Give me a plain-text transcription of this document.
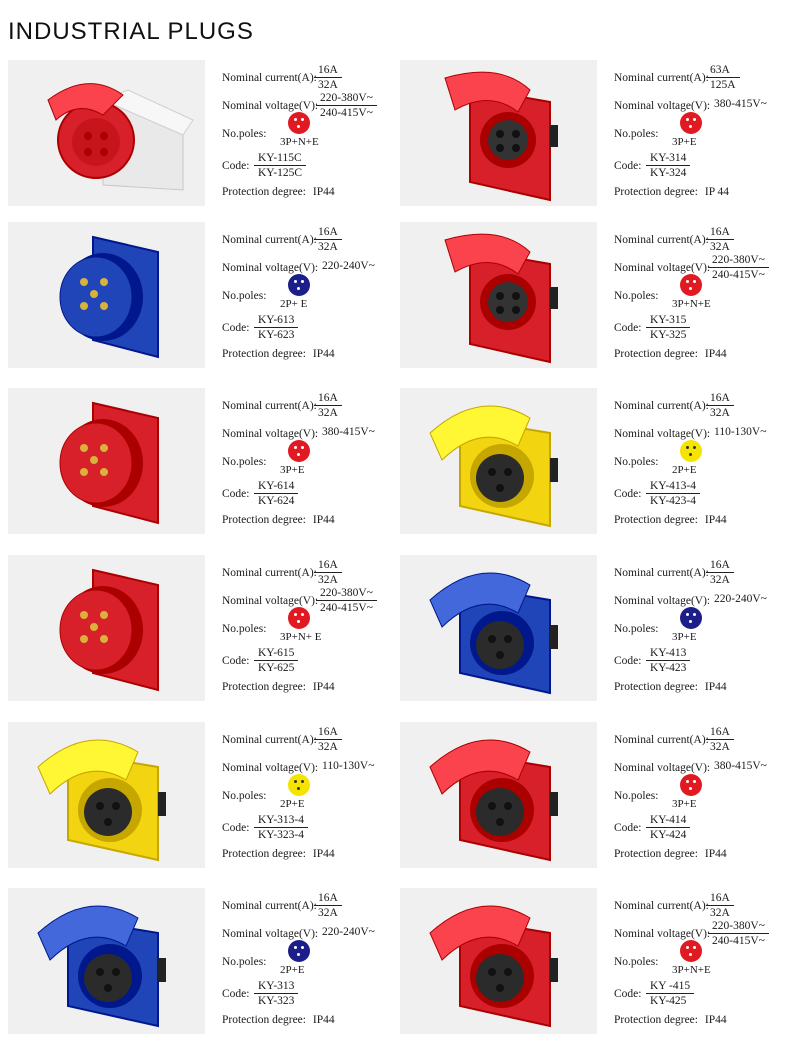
INDUSTRIAL PLUGS
Nominal current(A):
$\frac{16A}{32A}$
Nominal voltage(V):
$\frac{220-380V\sim}{240-415V\sim}$
No.poles:
3P+N+E
Code: $\frac{KY-115C}{KY-125C}$
Protection degree: IP44
Nominal current(A):
$\frac{63A}{125A}$
Nominal voltage(V): 380-415V~
No.poles:
3P+E
Code: $\frac{KY-314}{KY-324}$
Protection degree: IP 44
Nominal current(A):
$\frac{16A}{32A}$
Nominal voltage(V): 220-240V~
No.poles:
2P+ E
Code: $\frac{KY-613}{KY-623}$
Protection degree: IP44
Nominal current(A):
$\frac{16A}{32A}$
Nominal voltage(V):
$\frac{220-380V\sim}{240-415V\sim}$
No.poles:
3P+N+E
Code: $\frac{KY-315}{KY-325}$
Protection degree: IP44
Nominal current(A):
$\frac{16A}{32A}$
Nominal voltage(V): 380-415V~
No.poles:
3P+E
Code: $\frac{KY-614}{KY-624}$
Protection degree: IP44
Nominal current(A):
$\frac{16A}{32A}$
Nominal voltage(V): 110-130V~
No.poles:
2P+E
Code: $\frac{KY-413-4}{KY-423-4}$
Protection degree: IP44
Nominal current(A):
$\frac{16A}{32A}$
Nominal voltage(V):
$\frac{220-380V\sim}{240-415V\sim}$
No.poles:
3P+N+ E
Code: $\frac{KY-615}{KY-625}$
Protection degree: IP44
Nominal current(A):
$\frac{16A}{32A}$
Nominal voltage(V): 220-240V~
No.poles:
3P+E
Code: $\frac{KY-413}{KY-423}$
Protection degree: IP44
Nominal current(A):
$\frac{16A}{32A}$
Nominal voltage(V): 110-130V~
No.poles:
2P+E
Code: $\frac{KY-313-4}{KY-323-4}$
Protection degree: IP44
Nominal current(A):
$\frac{16A}{32A}$
Nominal voltage(V): 380-415V~
No.poles:
3P+E
Code: $\frac{KY-414}{KY-424}$
Protection degree: IP44
Nominal current(A):
$\frac{16A}{32A}$
Nominal voltage(V): 220-240V~
No.poles:
2P+E
Code: $\frac{KY-313}{KY-323}$
Protection degree: IP44
Nominal current(A):
$\frac{16A}{32A}$
Nominal voltage(V):
$\frac{220-380V\sim}{240-415V\sim}$
No.poles:
3P+N+E
Code: $\frac{KY -415}{KY-425}$
Protection degree: IP44
